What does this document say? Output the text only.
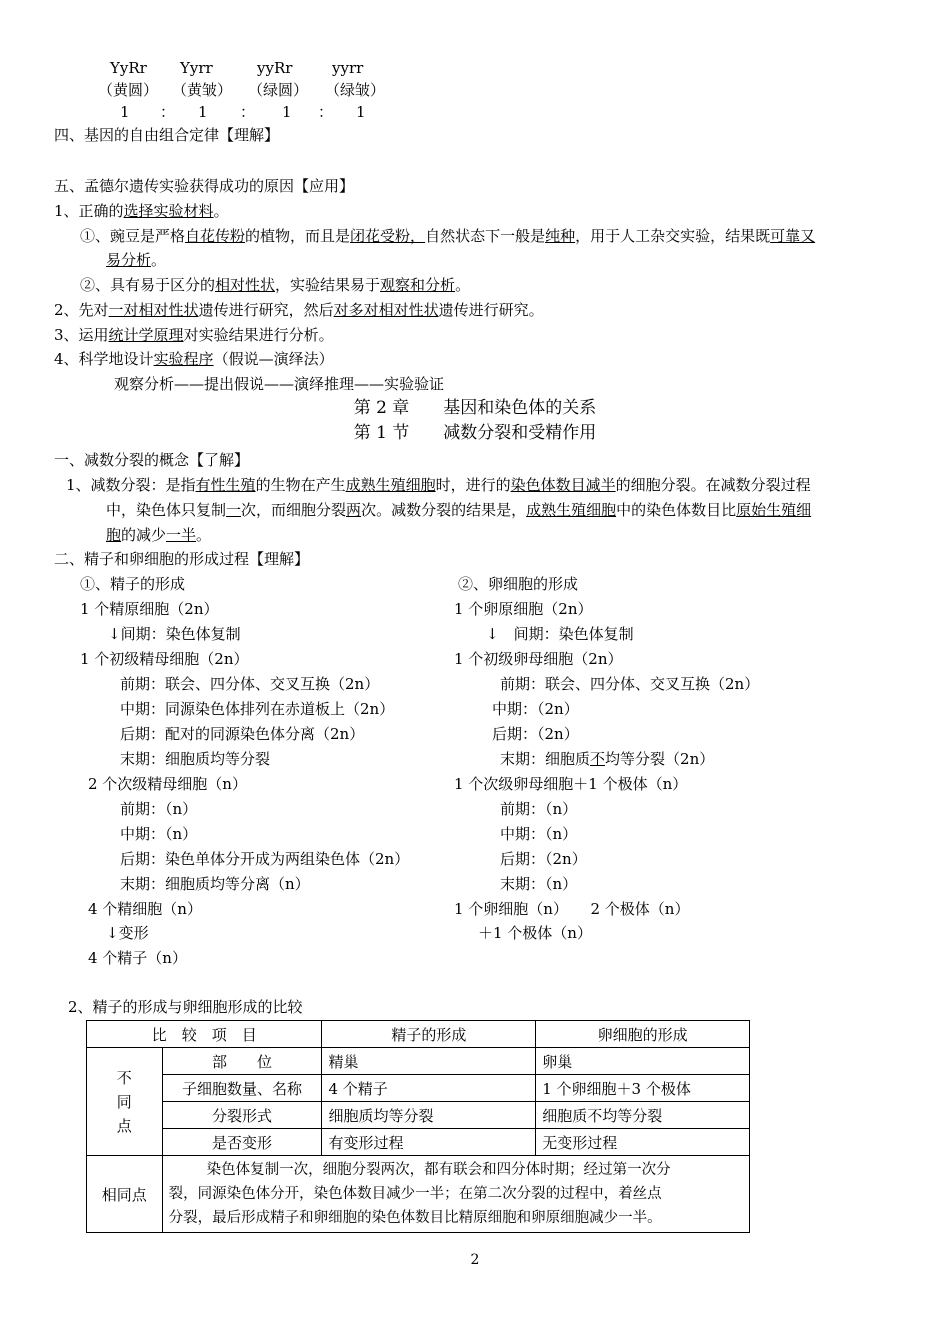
YyRr Yyrr	yyRr	yyrr
（黄圆） （黄皱） （绿圆） （绿皱）
1 ： 1 ： 1 ： 1
四、基因的自由组合定律【理解】
五、孟德尔遗传实验获得成功的原因【应用】
1、正确的选择实验材料。
①、豌豆是严格自花传粉的植物，而且是闭花受粉，自然状态下一般是纯种，用于人工杂交实验，结果既可靠又
易分析。
②、具有易于区分的相对性状，实验结果易于观察和分析。
2、先对一对相对性状遗传进行研究，然后对多对相对性状遗传进行研究。
3、运用统计学原理对实验结果进行分析。
4、科学地设计实验程序（假说—演绎法）
观察分析——提出假说——演绎推理——实验验证
第 2 章　　基因和染色体的关系
第 1 节　　减数分裂和受精作用
一、减数分裂的概念【了解】
1、减数分裂：是指有性生殖的生物在产生成熟生殖细胞时，进行的染色体数目减半的细胞分裂。在减数分裂过程
中，染色体只复制一次，而细胞分裂两次。减数分裂的结果是，成熟生殖细胞中的染色体数目比原始生殖细
胞的减少一半。
二、精子和卵细胞的形成过程【理解】
①、精子的形成
1 个精原细胞（2n）
↓间期：染色体复制
1 个初级精母细胞（2n）
前期：联会、四分体、交叉互换（2n）
中期：同源染色体排列在赤道板上（2n）
后期：配对的同源染色体分离（2n）
末期：细胞质均等分裂
2 个次级精母细胞（n）
前期：（n）
中期：（n）
后期：染色单体分开成为两组染色体（2n）
末期：细胞质均等分离（n）
4 个精细胞（n）
↓变形
4 个精子（n）
②、卵细胞的形成
1 个卵原细胞（2n）
↓　间期：染色体复制
1 个初级卵母细胞（2n）
前期：联会、四分体、交叉互换（2n）
中期：（2n）
后期：（2n）
末期：细胞质不均等分裂（2n）
1 个次级卵母细胞＋1 个极体（n）
前期：（n）
中期：（n）
后期：（2n）
末期：（n）
1 个卵细胞（n）　　2 个极体（n）
＋1 个极体（n）
2、精子的形成与卵细胞形成的比较
比　较　项　目		精子的形成	卵细胞的形成
不
同
点	部　　位	精巢	卵巢
	子细胞数量、名称	4 个精子	1 个卵细胞＋3 个极体
	分裂形式	细胞质均等分裂	细胞质不均等分裂
	是否变形	有变形过程	无变形过程
相同点	染色体复制一次，细胞分裂两次，都有联会和四分体时期；经过第一次分
裂，同源染色体分开，染色体数目减少一半；在第二次分裂的过程中，着丝点
分裂，最后形成精子和卵细胞的染色体数目比精原细胞和卵原细胞减少一半。		
2
